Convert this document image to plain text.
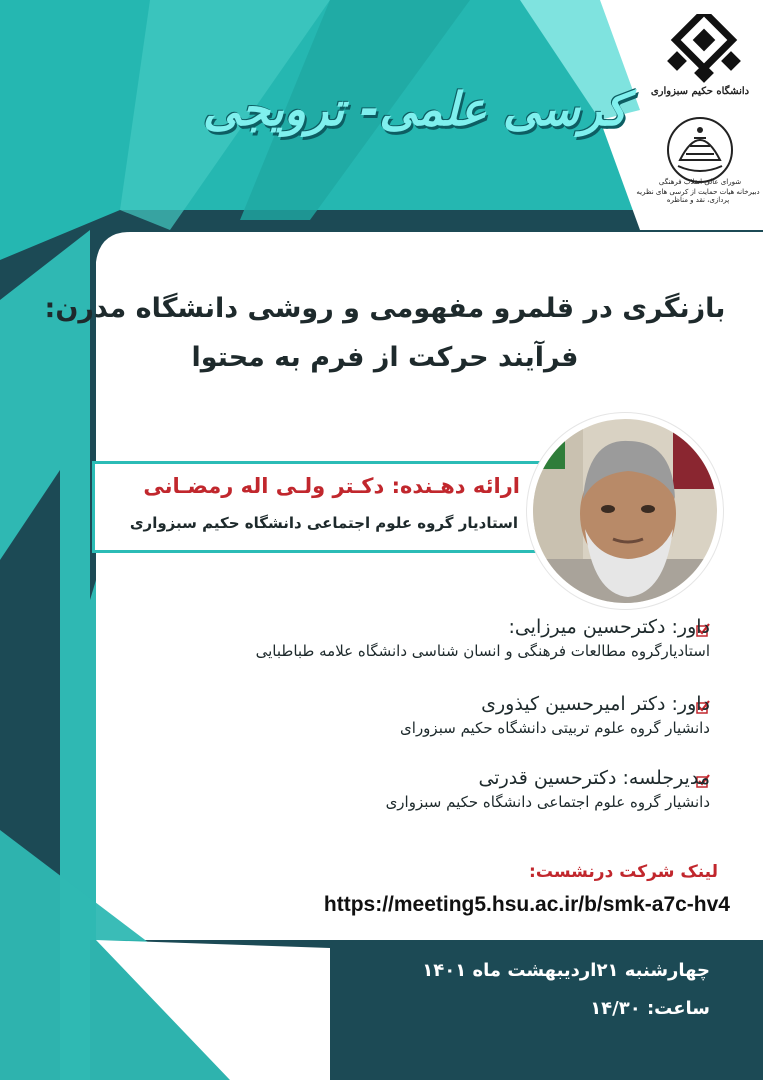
کرسی علمی- ترویجی دانشگاه حکیم سبزواری
شورای عالی انقلاب فرهنگی
دبیرخانه هیات حمایت از کرسی های نظریه پردازی، نقد و مناظره
بازنگری در قلمرو مفهومی و روشی دانشگاه مدرن:
فرآیند حرکت از فرم به محتوا
ارائه دهـنده: دکـتر ولـی اله رمضـانی
استادیار گروه علوم اجتماعی دانشگاه حکیم سبزواری
داور: دکترحسین میرزایی:
استادیارگروه مطالعات فرهنگی و انسان شناسی دانشگاه علامه طباطبایی
داور: دکتر امیرحسین کیذوری
دانشیار گروه علوم تربیتی دانشگاه حکیم سبزورای
مدیرجلسه: دکترحسین قدرتی
دانشیار گروه علوم اجتماعی دانشگاه حکیم سبزواری
لینک شرکت درنشست:
https://meeting5.hsu.ac.ir/b/smk-a7c-hv4
چهارشنبه ۲۱اردیبهشت ماه ۱۴۰۱
ساعت: ۱۴/۳۰
